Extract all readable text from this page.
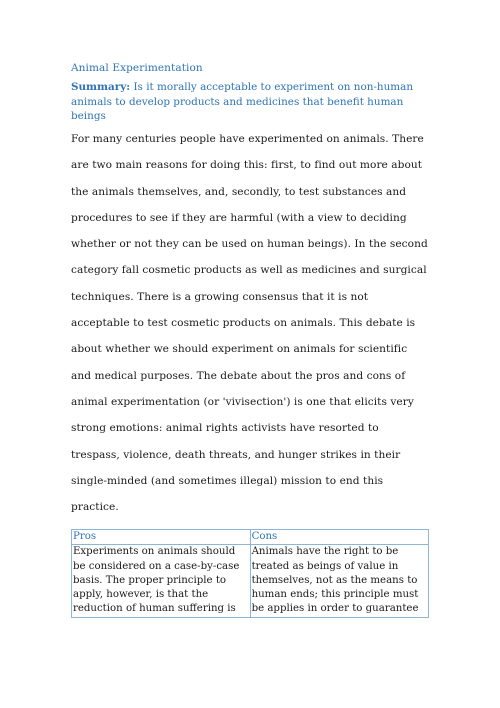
Animal Experimentation
Summary: Is it morally acceptable to experiment on non-human animals to develop products and medicines that benefit human beings
For many centuries people have experimented on animals. There are two main reasons for doing this: first, to find out more about the animals themselves, and, secondly, to test substances and procedures to see if they are harmful (with a view to deciding whether or not they can be used on human beings). In the second category fall cosmetic products as well as medicines and surgical techniques. There is a growing consensus that it is not acceptable to test cosmetic products on animals. This debate is about whether we should experiment on animals for scientific and medical purposes. The debate about the pros and cons of animal experimentation (or 'vivisection') is one that elicits very strong emotions: animal rights activists have resorted to trespass, violence, death threats, and hunger strikes in their single-minded (and sometimes illegal) mission to end this practice.
Pros	Cons
Experiments on animals should be considered on a case-by-case basis. The proper principle to apply, however, is that the reduction of human suffering is	Animals have the right to be treated as beings of value in themselves, not as the means to human ends; this principle must be applies in order to guarantee
